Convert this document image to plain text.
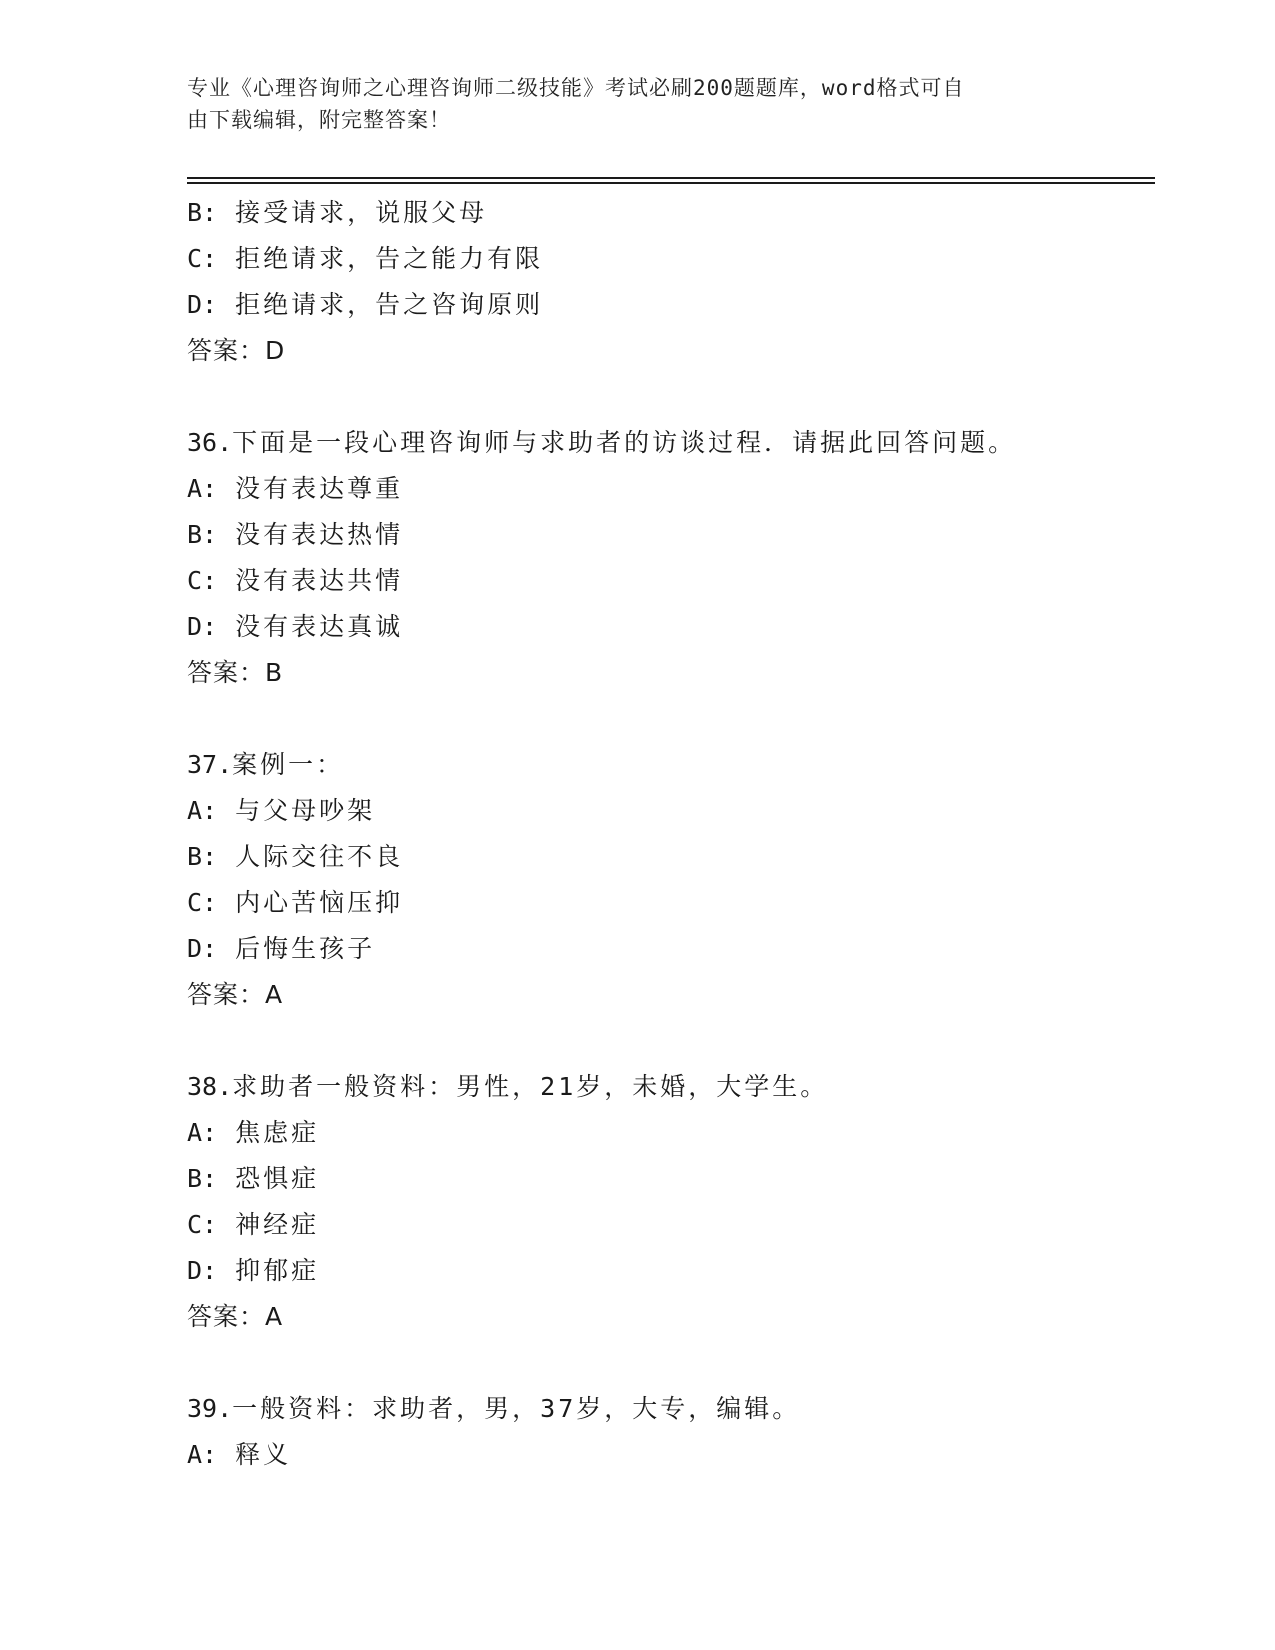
专业《心理咨询师之心理咨询师二级技能》考试必刷200题题库，word格式可自

由下载编辑，附完整答案！

B: 接受请求，说服父母
C: 拒绝请求，告之能力有限
D: 拒绝请求，告之咨询原则
答案：D
36.下面是一段心理咨询师与求助者的访谈过程．请据此回答问题。
A: 没有表达尊重
B: 没有表达热情
C: 没有表达共情
D: 没有表达真诚
答案：B
37.案例一：
A: 与父母吵架
B: 人际交往不良
C: 内心苦恼压抑
D: 后悔生孩子
答案：A
38.求助者一般资料：男性，21岁，未婚，大学生。
A: 焦虑症
B: 恐惧症
C: 神经症
D: 抑郁症
答案：A
39.一般资料：求助者，男，37岁，大专，编辑。
A: 释义
